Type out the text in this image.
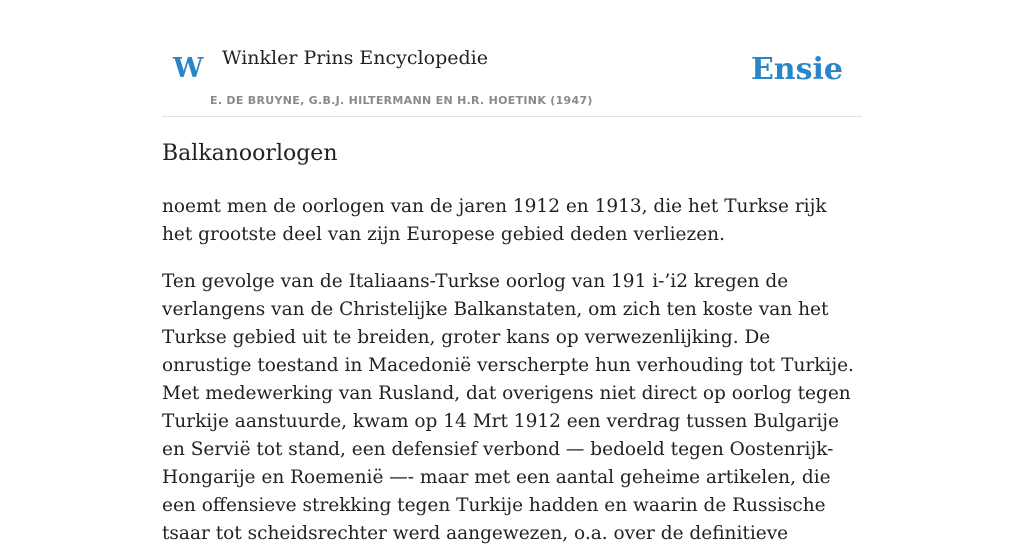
W Winkler Prins Encyclopedie
E. DE BRUYNE, G.B.J. HILTERMANN EN H.R. HOETINK (1947)
Ensie
Balkanoorlogen

noemt men de oorlogen van de jaren 1912 en 1913, die het Turkse rijk het grootste deel van zijn Europese gebied deden verliezen.

Ten gevolge van de Italiaans-Turkse oorlog van 191 i-’i2 kregen de verlangens van de Christelijke Balkanstaten, om zich ten koste van het Turkse gebied uit te breiden, groter kans op verwezenlijking. De onrustige toestand in Macedonië verscherpte hun verhouding tot Turkije. Met medewerking van Rusland, dat overigens niet direct op oorlog tegen Turkije aanstuurde, kwam op 14 Mrt 1912 een verdrag tussen Bulgarije en Servië tot stand, een defensief verbond — bedoeld tegen Oostenrijk-Hongarije en Roemenië —- maar met een aantal geheime artikelen, die een offensieve strekking tegen Turkije hadden en waarin de Russische tsaar tot scheidsrechter werd aangewezen, o.a. over de definitieve
